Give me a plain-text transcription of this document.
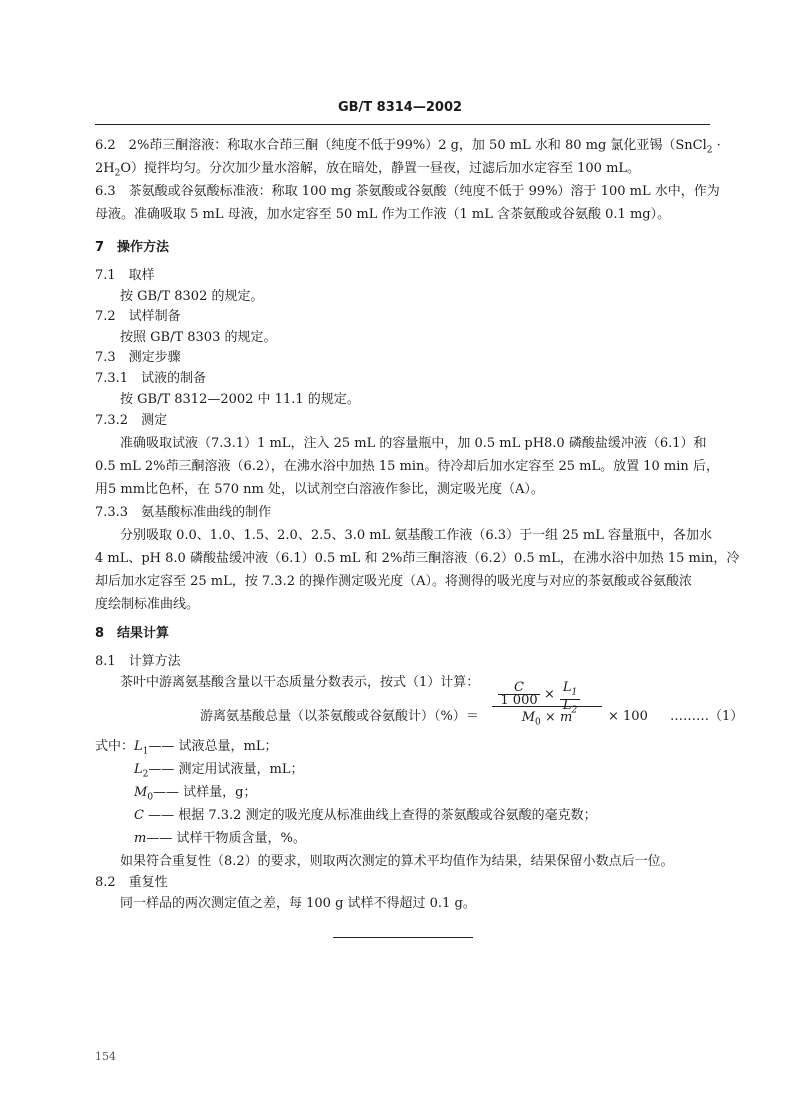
GB/T 8314—2002
6.2　2%茚三酮溶液：称取水合茚三酮（纯度不低于99%）2 g，加 50 mL 水和 80 mg 氯化亚锡（SnCl$_2$ ·
$2H_2O$）搅拌均匀。分次加少量水溶解，放在暗处，静置一昼夜，过滤后加水定容至 100 mL。
6.3　茶氨酸或谷氨酸标准液：称取 100 mg 茶氨酸或谷氨酸（纯度不低于 99%）溶于 100 mL 水中，作为
母液。准确吸取 5 mL 母液，加水定容至 50 mL 作为工作液（1 mL 含茶氨酸或谷氨酸 0.1 mg）。
7　操作方法
7.1　取样
按 GB/T 8302 的规定。
7.2　试样制备
按照 GB/T 8303 的规定。
7.3　测定步骤
7.3.1　试液的制备
按 GB/T 8312—2002 中 11.1 的规定。
7.3.2　测定
准确吸取试液（7.3.1）1 mL，注入 25 mL 的容量瓶中，加 0.5 mL pH8.0 磷酸盐缓冲液（6.1）和
0.5 mL 2%茚三酮溶液（6.2），在沸水浴中加热 15 min。待冷却后加水定容至 25 mL。放置 10 min 后，
用5 mm比色杯，在 570 nm 处，以试剂空白溶液作参比，测定吸光度（A）。
7.3.3　氨基酸标准曲线的制作
分别吸取 0.0、1.0、1.5、2.0、2.5、3.0 mL 氨基酸工作液（6.3）于一组 25 mL 容量瓶中，各加水
4 mL、pH 8.0 磷酸盐缓冲液（6.1）0.5 mL 和 2%茚三酮溶液（6.2）0.5 mL，在沸水浴中加热 15 min，冷
却后加水定容至 25 mL，按 7.3.2 的操作测定吸光度（A）。将测得的吸光度与对应的茶氨酸或谷氨酸浓
度绘制标准曲线。
8　结果计算
8.1　计算方法
茶叶中游离氨基酸含量以干态质量分数表示，按式（1）计算：
游离氨基酸总量（以茶氨酸或谷氨酸计）（%）＝
C
1 $000 \times L_1$
$L_2$
$M_0 \times m$	× 100 ………（1）
式中：$L_1——$ 试液总量，mL；
$L_2——$ 测定用试液量，mL；
$M_0——$ 试样量，g；
C —— 根据 7.3.2 测定的吸光度从标准曲线上查得的茶氨酸或谷氨酸的毫克数；
m—— 试样干物质含量，%。
如果符合重复性（8.2）的要求，则取两次测定的算术平均值作为结果，结果保留小数点后一位。
8.2　重复性
同一样品的两次测定值之差，每 100 g 试样不得超过 0.1 g。
154
